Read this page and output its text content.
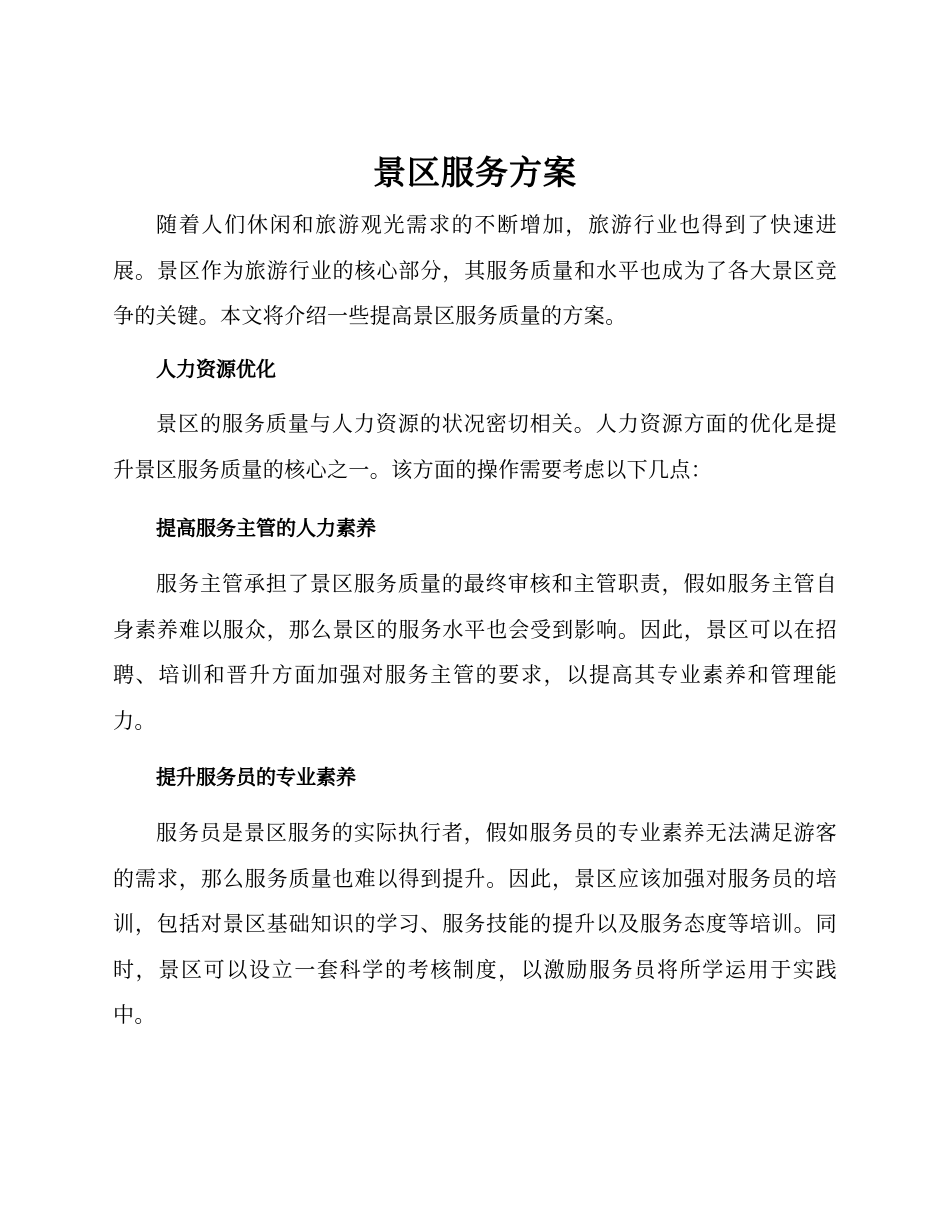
景区服务方案
随着人们休闲和旅游观光需求的不断增加，旅游行业也得到了快速进展。景区作为旅游行业的核心部分，其服务质量和水平也成为了各大景区竞争的关键。本文将介绍一些提高景区服务质量的方案。
人力资源优化
景区的服务质量与人力资源的状况密切相关。人力资源方面的优化是提升景区服务质量的核心之一。该方面的操作需要考虑以下几点：
提高服务主管的人力素养
服务主管承担了景区服务质量的最终审核和主管职责，假如服务主管自身素养难以服众，那么景区的服务水平也会受到影响。因此，景区可以在招聘、培训和晋升方面加强对服务主管的要求，以提高其专业素养和管理能力。
提升服务员的专业素养
服务员是景区服务的实际执行者，假如服务员的专业素养无法满足游客的需求，那么服务质量也难以得到提升。因此，景区应该加强对服务员的培训，包括对景区基础知识的学习、服务技能的提升以及服务态度等培训。同时，景区可以设立一套科学的考核制度，以激励服务员将所学运用于实践中。
